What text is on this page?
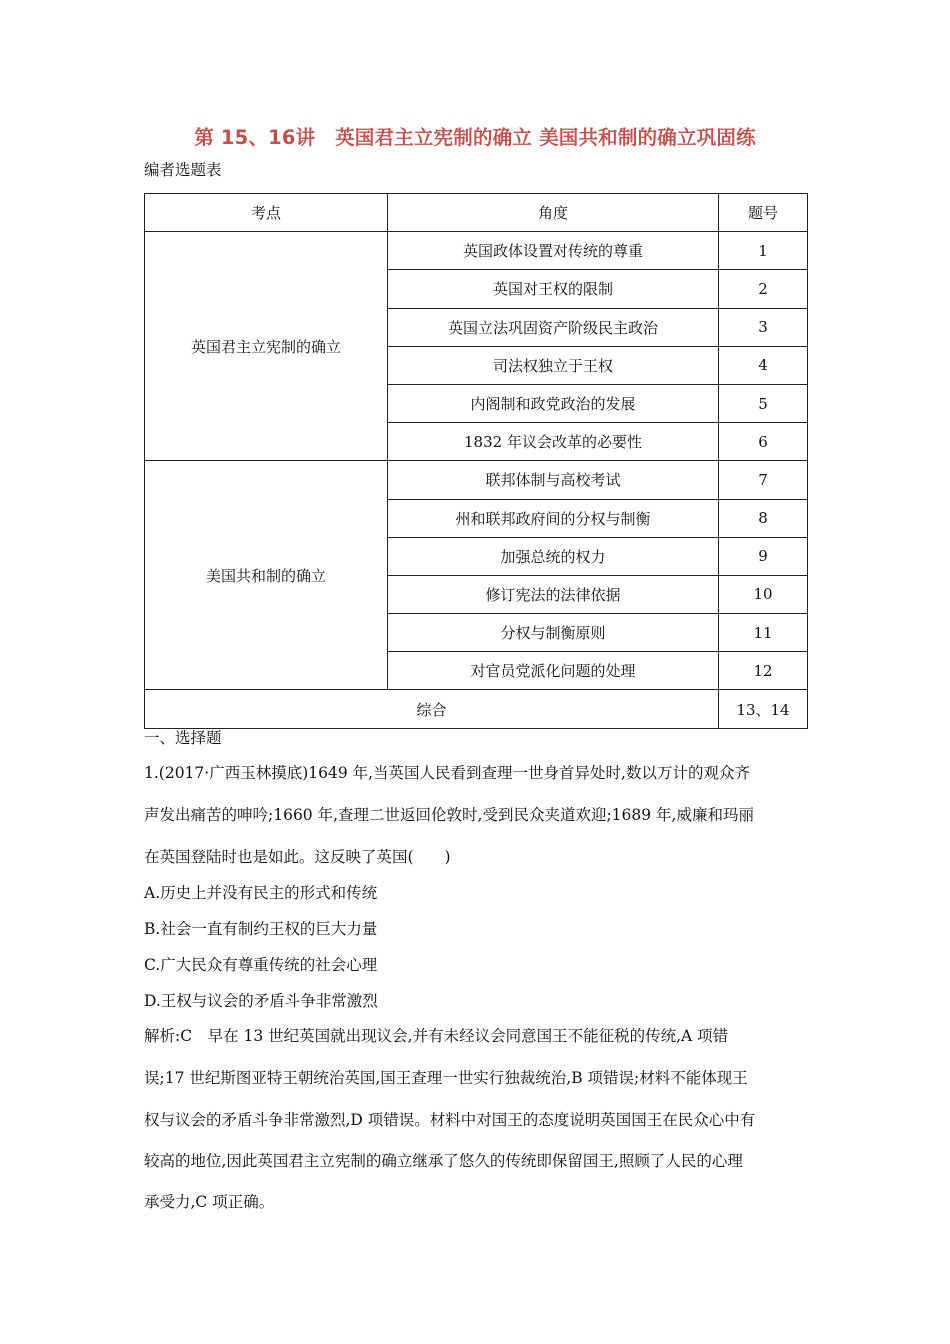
第 15、16讲　英国君主立宪制的确立 美国共和制的确立巩固练
编者选题表
考点	角度	题号
英国君主立宪制的确立	英国政体设置对传统的尊重	1
	英国对王权的限制	2
	英国立法巩固资产阶级民主政治	3
	司法权独立于王权	4
	内阁制和政党政治的发展	5
	1832 年议会改革的必要性	6
美国共和制的确立	联邦体制与高校考试	7
	州和联邦政府间的分权与制衡	8
	加强总统的权力	9
	修订宪法的法律依据	10
	分权与制衡原则	11
	对官员党派化问题的处理	12
综合		13、14
一、选择题
1.(2017·广西玉林摸底)1649 年,当英国人民看到查理一世身首异处时,数以万计的观众齐
声发出痛苦的呻吟;1660 年,查理二世返回伦敦时,受到民众夹道欢迎;1689 年,威廉和玛丽
在英国登陆时也是如此。这反映了英国(　　)
A.历史上并没有民主的形式和传统
B.社会一直有制约王权的巨大力量
C.广大民众有尊重传统的社会心理
D.王权与议会的矛盾斗争非常激烈
解析:C　早在 13 世纪英国就出现议会,并有未经议会同意国王不能征税的传统,A 项错
误;17 世纪斯图亚特王朝统治英国,国王查理一世实行独裁统治,B 项错误;材料不能体现王
权与议会的矛盾斗争非常激烈,D 项错误。材料中对国王的态度说明英国国王在民众心中有
较高的地位,因此英国君主立宪制的确立继承了悠久的传统即保留国王,照顾了人民的心理
承受力,C 项正确。
